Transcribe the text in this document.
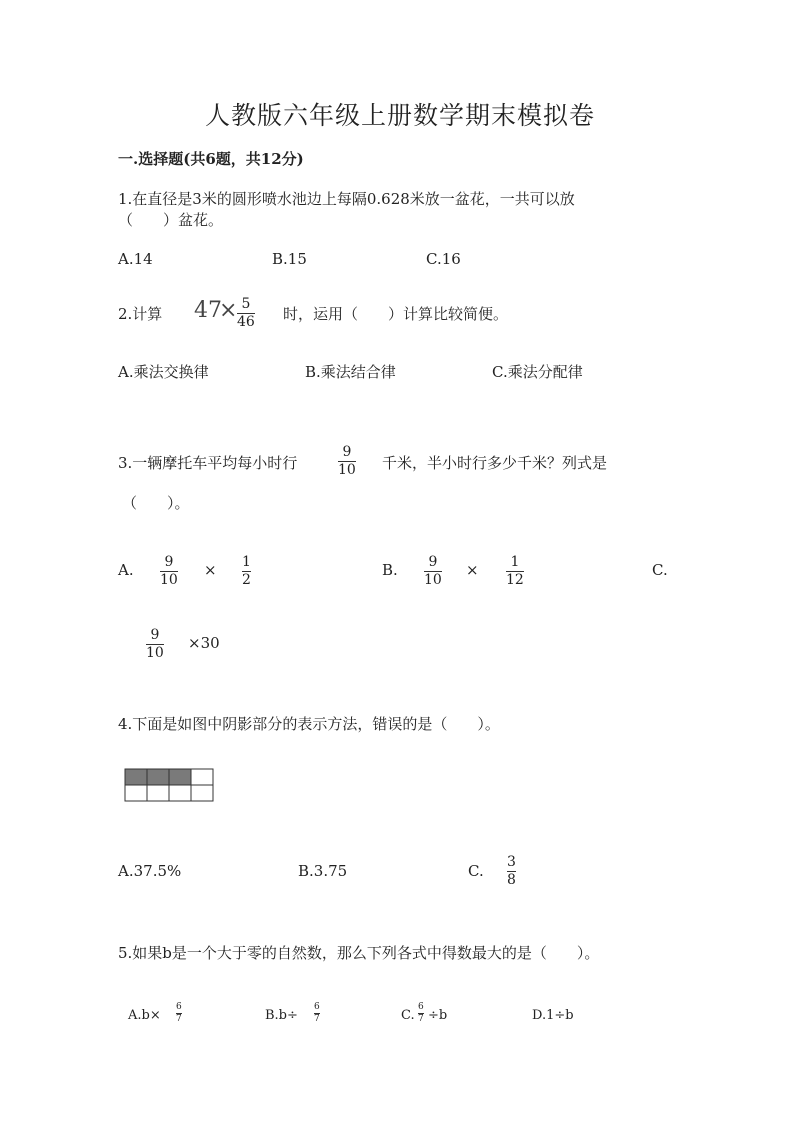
人教版六年级上册数学期末模拟卷
一.选择题(共6题，共12分)
1.在直径是3米的圆形喷水池边上每隔0.628米放一盆花，一共可以放
（　　）盆花。
A.14	B.15	C.16
2.计算 47
× 5
46 时，运用（　　）计算比较简便。
A.乘法交换律	B.乘法结合律	C.乘法分配律
3.一辆摩托车平均每小时行
9
10 千米，半小时行多少千米？列式是
（　　）。
A. 9
10
× 1
2
B. 9
10
× 1
12
C.
9
10
×30
4.下面是如图中阴影部分的表示方法，错误的是（　　）。
A.37.5%	B.3.75	C. 3
8
5.如果b是一个大于零的自然数，那么下列各式中得数最大的是（　　）。
A.b×
6
7	B.b÷
6
7	C.
6
7 ÷b	D.1÷b
